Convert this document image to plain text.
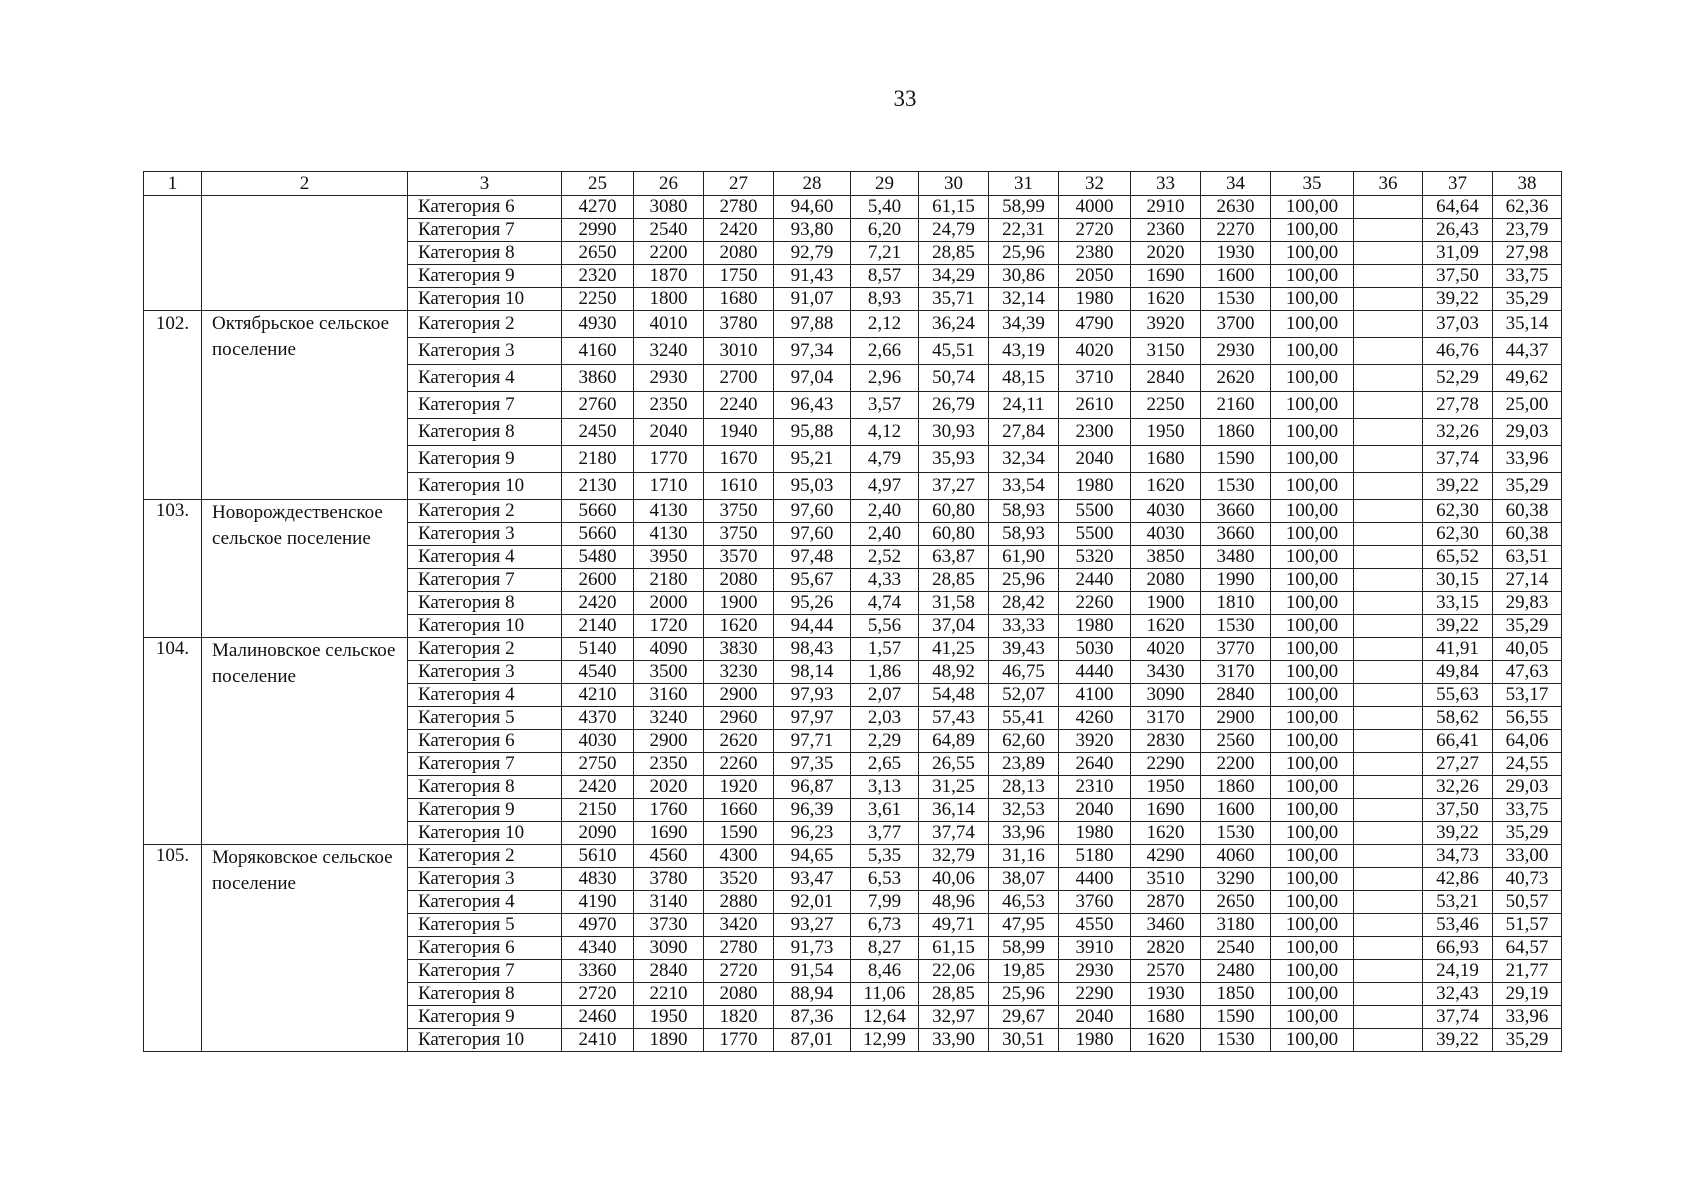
33
1	2	3	25	26	27	28	29	30	31	32	33	34	35	36	37	38
		Категория 6	4270	3080	2780	94,60	5,40	61,15	58,99	4000	2910	2630	100,00		64,64	62,36
		Категория 7	2990	2540	2420	93,80	6,20	24,79	22,31	2720	2360	2270	100,00		26,43	23,79
		Категория 8	2650	2200	2080	92,79	7,21	28,85	25,96	2380	2020	1930	100,00		31,09	27,98
		Категория 9	2320	1870	1750	91,43	8,57	34,29	30,86	2050	1690	1600	100,00		37,50	33,75
		Категория 10	2250	1800	1680	91,07	8,93	35,71	32,14	1980	1620	1530	100,00		39,22	35,29
102.	Октябрьское сельское поселение	Категория 2	4930	4010	3780	97,88	2,12	36,24	34,39	4790	3920	3700	100,00		37,03	35,14
		Категория 3	4160	3240	3010	97,34	2,66	45,51	43,19	4020	3150	2930	100,00		46,76	44,37
		Категория 4	3860	2930	2700	97,04	2,96	50,74	48,15	3710	2840	2620	100,00		52,29	49,62
		Категория 7	2760	2350	2240	96,43	3,57	26,79	24,11	2610	2250	2160	100,00		27,78	25,00
		Категория 8	2450	2040	1940	95,88	4,12	30,93	27,84	2300	1950	1860	100,00		32,26	29,03
		Категория 9	2180	1770	1670	95,21	4,79	35,93	32,34	2040	1680	1590	100,00		37,74	33,96
		Категория 10	2130	1710	1610	95,03	4,97	37,27	33,54	1980	1620	1530	100,00		39,22	35,29
103.	Новорождественское сельское поселение	Категория 2	5660	4130	3750	97,60	2,40	60,80	58,93	5500	4030	3660	100,00		62,30	60,38
		Категория 3	5660	4130	3750	97,60	2,40	60,80	58,93	5500	4030	3660	100,00		62,30	60,38
		Категория 4	5480	3950	3570	97,48	2,52	63,87	61,90	5320	3850	3480	100,00		65,52	63,51
		Категория 7	2600	2180	2080	95,67	4,33	28,85	25,96	2440	2080	1990	100,00		30,15	27,14
		Категория 8	2420	2000	1900	95,26	4,74	31,58	28,42	2260	1900	1810	100,00		33,15	29,83
		Категория 10	2140	1720	1620	94,44	5,56	37,04	33,33	1980	1620	1530	100,00		39,22	35,29
104.	Малиновское сельское поселение	Категория 2	5140	4090	3830	98,43	1,57	41,25	39,43	5030	4020	3770	100,00		41,91	40,05
		Категория 3	4540	3500	3230	98,14	1,86	48,92	46,75	4440	3430	3170	100,00		49,84	47,63
		Категория 4	4210	3160	2900	97,93	2,07	54,48	52,07	4100	3090	2840	100,00		55,63	53,17
		Категория 5	4370	3240	2960	97,97	2,03	57,43	55,41	4260	3170	2900	100,00		58,62	56,55
		Категория 6	4030	2900	2620	97,71	2,29	64,89	62,60	3920	2830	2560	100,00		66,41	64,06
		Категория 7	2750	2350	2260	97,35	2,65	26,55	23,89	2640	2290	2200	100,00		27,27	24,55
		Категория 8	2420	2020	1920	96,87	3,13	31,25	28,13	2310	1950	1860	100,00		32,26	29,03
		Категория 9	2150	1760	1660	96,39	3,61	36,14	32,53	2040	1690	1600	100,00		37,50	33,75
		Категория 10	2090	1690	1590	96,23	3,77	37,74	33,96	1980	1620	1530	100,00		39,22	35,29
105.	Моряковское сельское поселение	Категория 2	5610	4560	4300	94,65	5,35	32,79	31,16	5180	4290	4060	100,00		34,73	33,00
		Категория 3	4830	3780	3520	93,47	6,53	40,06	38,07	4400	3510	3290	100,00		42,86	40,73
		Категория 4	4190	3140	2880	92,01	7,99	48,96	46,53	3760	2870	2650	100,00		53,21	50,57
		Категория 5	4970	3730	3420	93,27	6,73	49,71	47,95	4550	3460	3180	100,00		53,46	51,57
		Категория 6	4340	3090	2780	91,73	8,27	61,15	58,99	3910	2820	2540	100,00		66,93	64,57
		Категория 7	3360	2840	2720	91,54	8,46	22,06	19,85	2930	2570	2480	100,00		24,19	21,77
		Категория 8	2720	2210	2080	88,94	11,06	28,85	25,96	2290	1930	1850	100,00		32,43	29,19
		Категория 9	2460	1950	1820	87,36	12,64	32,97	29,67	2040	1680	1590	100,00		37,74	33,96
		Категория 10	2410	1890	1770	87,01	12,99	33,90	30,51	1980	1620	1530	100,00		39,22	35,29
